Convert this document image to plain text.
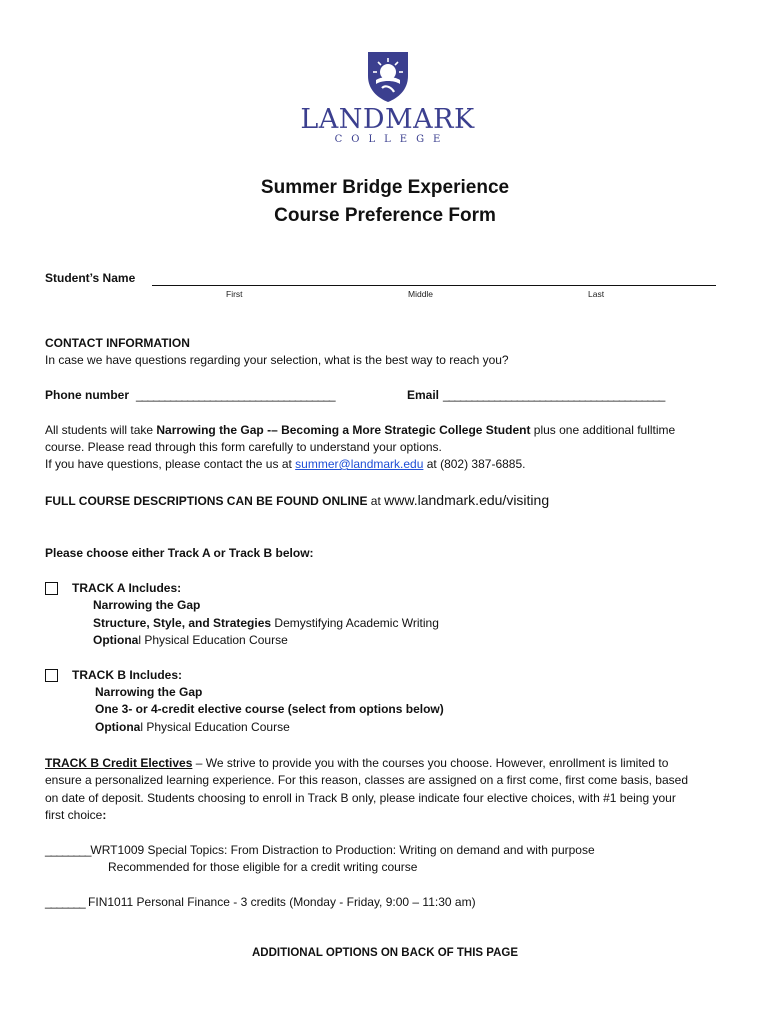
LANDMARK
COLLEGE
Summer Bridge Experience
Course Preference Form
Student’s Name
First	Middle	Last
CONTACT INFORMATION
In case we have questions regarding your selection, what is the best way to reach you?
Phone number ___________________________________	Email _______________________________________
All students will take Narrowing the Gap -– Becoming a More Strategic College Student plus one additional fulltime
course. Please read through this form carefully to understand your options.
If you have questions, please contact the us at summer@landmark.edu at (802) 387-6885.
FULL COURSE DESCRIPTIONS CAN BE FOUND ONLINE at www.landmark.edu/visiting
Please choose either Track A or Track B below:
TRACK A Includes:
Narrowing the Gap
Structure, Style, and Strategies Demystifying Academic Writing
Optional Physical Education Course
TRACK B Includes:
Narrowing the Gap
One 3- or 4-credit elective course (select from options below)
Optional Physical Education Course
TRACK B Credit Electives – We strive to provide you with the courses you choose. However, enrollment is limited to
ensure a personalized learning experience. For this reason, classes are assigned on a first come, first come basis, based
on date of deposit. Students choosing to enroll in Track B only, please indicate four elective choices, with #1 being your
first choice:
________WRT1009 Special Topics: From Distraction to Production: Writing on demand and with purpose
Recommended for those eligible for a credit writing course
_______ FIN1011 Personal Finance - 3 credits (Monday - Friday, 9:00 – 11:30 am)
ADDITIONAL OPTIONS ON BACK OF THIS PAGE
